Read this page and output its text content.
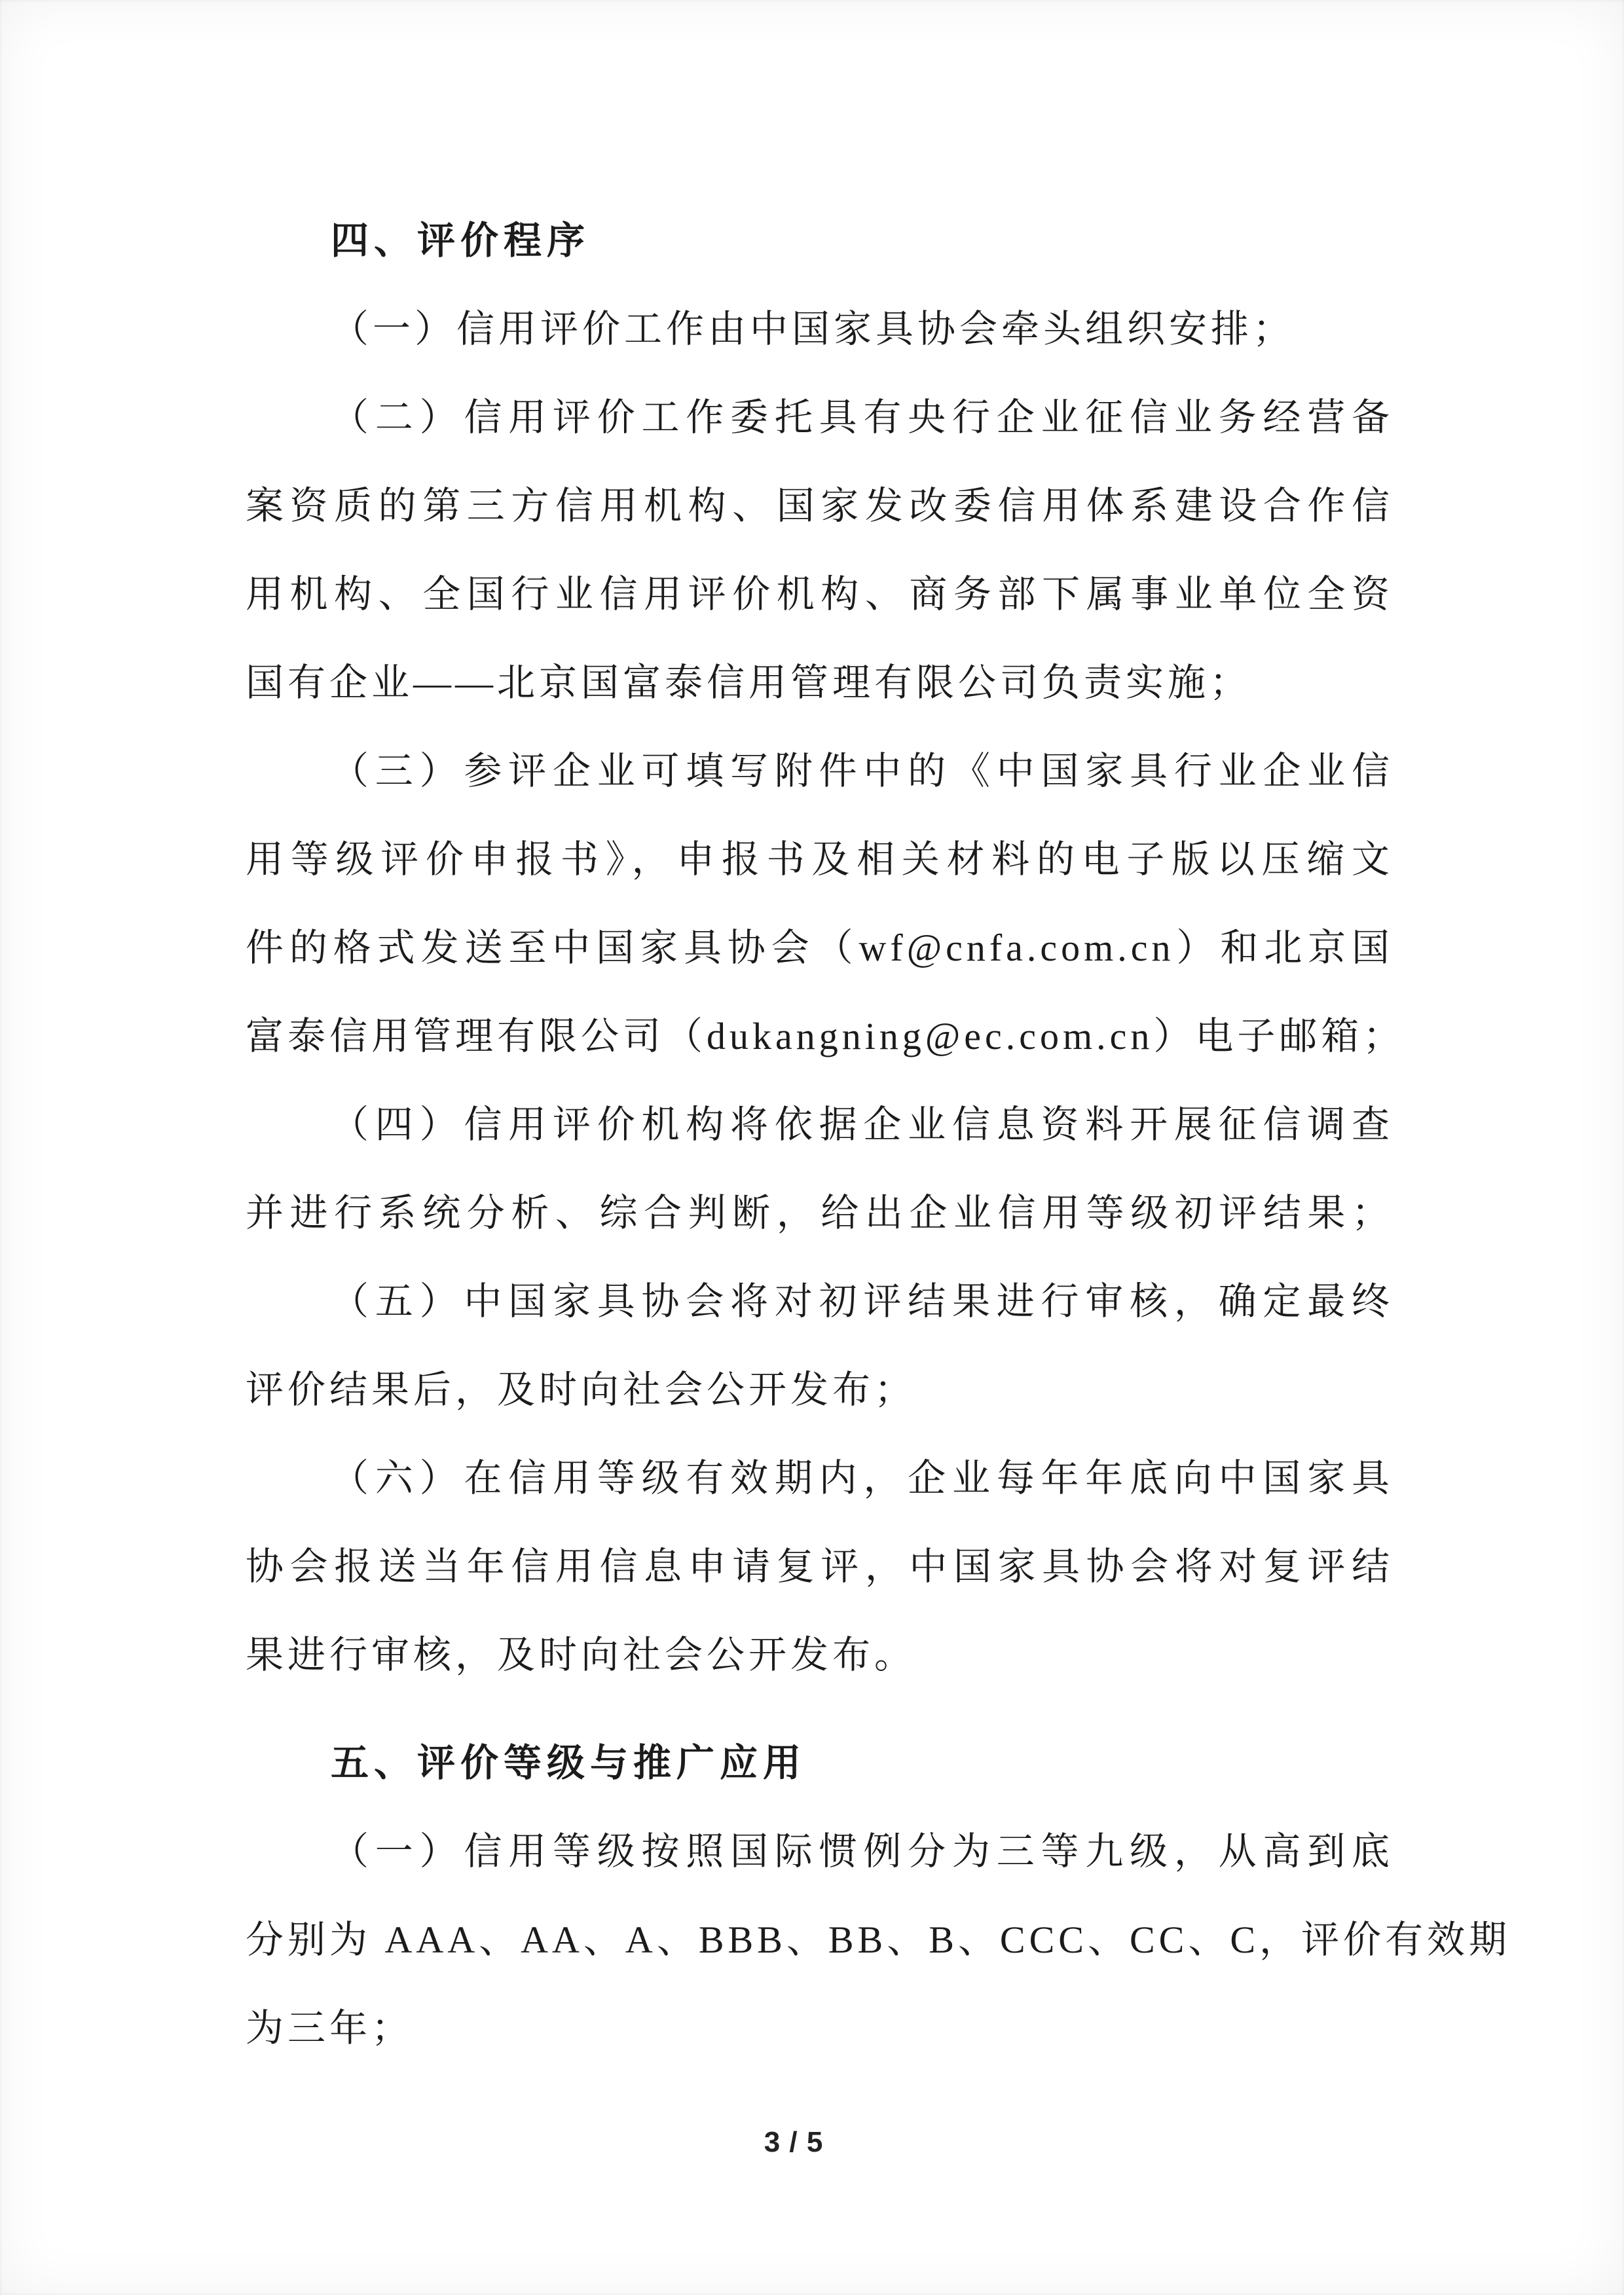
四、评价程序
（一）信用评价工作由中国家具协会牵头组织安排；
（二）信用评价工作委托具有央行企业征信业务经营备
案资质的第三方信用机构、国家发改委信用体系建设合作信
用机构、全国行业信用评价机构、商务部下属事业单位全资
国有企业——北京国富泰信用管理有限公司负责实施；
（三）参评企业可填写附件中的《中国家具行业企业信
用等级评价申报书》，申报书及相关材料的电子版以压缩文
件的格式发送至中国家具协会（wf@cnfa.com.cn）和北京国
富泰信用管理有限公司（dukangning@ec.com.cn）电子邮箱；
（四）信用评价机构将依据企业信息资料开展征信调查
并进行系统分析、综合判断，给出企业信用等级初评结果；
（五）中国家具协会将对初评结果进行审核，确定最终
评价结果后，及时向社会公开发布；
（六）在信用等级有效期内，企业每年年底向中国家具
协会报送当年信用信息申请复评，中国家具协会将对复评结
果进行审核，及时向社会公开发布。
五、评价等级与推广应用
（一）信用等级按照国际惯例分为三等九级，从高到底
分别为 AAA、AA、A、BBB、BB、B、CCC、CC、C，评价有效期
为三年；
3 / 5
